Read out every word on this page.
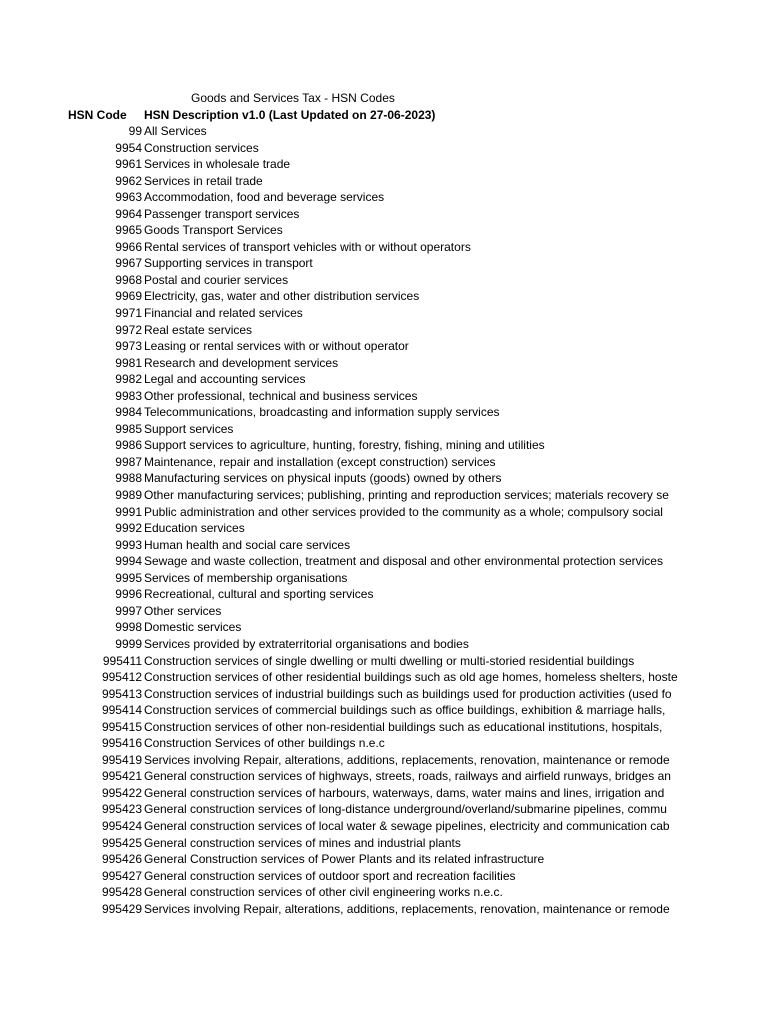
Goods and Services Tax - HSN Codes
HSN Code HSN Description v1.0 (Last Updated on 27-06-2023)
99 All Services
9954 Construction services
9961 Services in wholesale trade
9962 Services in retail trade
9963 Accommodation, food and beverage services
9964 Passenger transport services
9965 Goods Transport Services
9966 Rental services of transport vehicles with or without operators
9967 Supporting services in transport
9968 Postal and courier services
9969 Electricity, gas, water and other distribution services
9971 Financial and related services
9972 Real estate services
9973 Leasing or rental services with or without operator
9981 Research and development services
9982 Legal and accounting services
9983 Other professional, technical and business services
9984 Telecommunications, broadcasting and information supply services
9985 Support services
9986 Support services to agriculture, hunting, forestry, fishing, mining and utilities
9987 Maintenance, repair and installation (except construction) services
9988 Manufacturing services on physical inputs (goods) owned by others
9989 Other manufacturing services; publishing, printing and reproduction services; materials recovery se
9991 Public administration and other services provided to the community as a whole; compulsory social
9992 Education services
9993 Human health and social care services
9994 Sewage and waste collection, treatment and disposal and other environmental protection services
9995 Services of membership organisations
9996 Recreational, cultural and sporting services
9997 Other services
9998 Domestic services
9999 Services provided by extraterritorial organisations and bodies
995411 Construction services of single dwelling or multi dwelling or multi-storied residential buildings
995412 Construction services of other residential buildings such as old age homes, homeless shelters, hoste
995413 Construction services of industrial buildings such as buildings used for production activities (used fo
995414 Construction services of commercial buildings such as office buildings, exhibition & marriage halls,
995415 Construction services of other non-residential buildings such as educational institutions, hospitals,
995416 Construction Services of other buildings n.e.c
995419 Services involving Repair, alterations, additions, replacements, renovation, maintenance or remode
995421 General construction services of highways, streets, roads, railways and airfield runways, bridges an
995422 General construction services of harbours, waterways, dams, water mains and lines, irrigation and
995423 General construction services of long-distance underground/overland/submarine pipelines, commu
995424 General construction services of local water & sewage pipelines, electricity and communication cab
995425 General construction services of mines and industrial plants
995426 General Construction services of Power Plants and its related infrastructure
995427 General construction services of outdoor sport and recreation facilities
995428 General construction services of other civil engineering works n.e.c.
995429 Services involving Repair, alterations, additions, replacements, renovation, maintenance or remode
